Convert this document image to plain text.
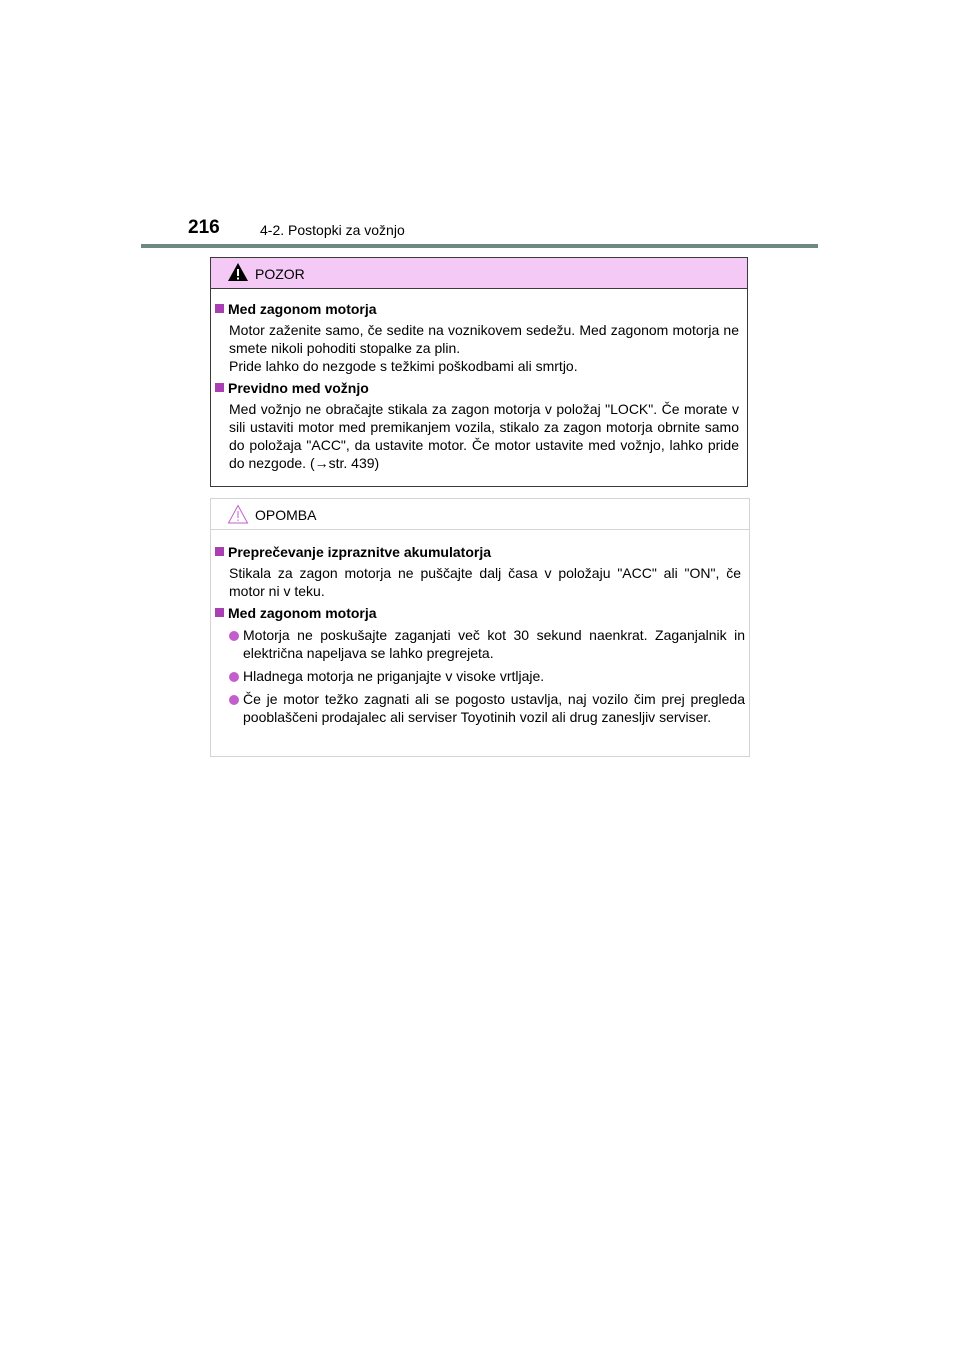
216	4-2. Postopki za vožnjo
POZOR
Med zagonom motorja
Motor zaženite samo, če sedite na voznikovem sedežu. Med zagonom motorja ne smete nikoli pohoditi stopalke za plin.
Pride lahko do nezgode s težkimi poškodbami ali smrtjo.
Previdno med vožnjo
Med vožnjo ne obračajte stikala za zagon motorja v položaj "LOCK". Če morate v sili ustaviti motor med premikanjem vozila, stikalo za zagon motorja obrnite samo do položaja "ACC", da ustavite motor. Če motor ustavite med vožnjo, lahko pride do nezgode. (→str. 439)
OPOMBA
Preprečevanje izpraznitve akumulatorja
Stikala za zagon motorja ne puščajte dalj časa v položaju "ACC" ali "ON", če motor ni v teku.
Med zagonom motorja
Motorja ne poskušajte zaganjati več kot 30 sekund naenkrat. Zaganjalnik in električna napeljava se lahko pregrejeta.
Hladnega motorja ne priganjajte v visoke vrtljaje.
Če je motor težko zagnati ali se pogosto ustavlja, naj vozilo čim prej pregleda pooblaščeni prodajalec ali serviser Toyotinih vozil ali drug zanesljiv serviser.
